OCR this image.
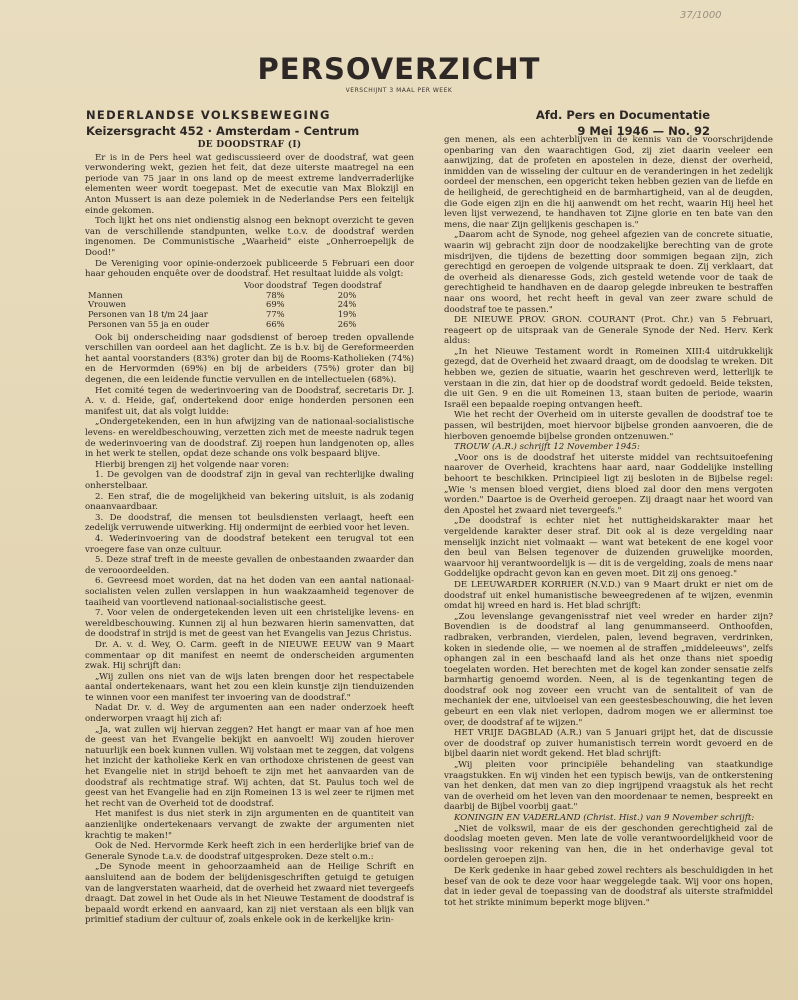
37/1000
PERSOVERZICHT
VERSCHIJNT 3 MAAL PER WEEK
NEDERLANDSE VOLKSBEWEGING
Keizersgracht 452 · Amsterdam - Centrum
Afd. Pers en Documentatie
9 Mei 1946 — No. 92
DE DOODSTRAF (I)

Er is in de Pers heel wat gediscussieerd over de doodstraf, wat geen verwondering wekt, gezien het feit, dat deze uiterste maatregel na een periode van 75 jaar in ons land op de meest extreme landverraderlijke elementen weer wordt toegepast. Met de executie van Max Blokzijl en Anton Mussert is aan deze polemiek in de Nederlandse Pers een feitelijk einde gekomen.

Toch lijkt het ons niet ondienstig alsnog een beknopt overzicht te geven van de verschillende standpunten, welke t.o.v. de doodstraf werden ingenomen. De Communistische „Waarheid" eiste „Onherroepelijk de Dood!"

De Vereniging voor opinie-onderzoek publiceerde 5 Februari een door haar gehouden enquête over de doodstraf. Het resultaat luidde als volgt:

	Voor doodstraf	Tegen doodstraf
Mannen	78%	20%
Vrouwen	69%	24%
Personen van 18 t/m 24 jaar	77%	19%
Personen van 55 ja en ouder	66%	26%

Ook bij onderscheiding naar godsdienst of beroep treden opvallende verschillen van oordeel aan het daglicht. Ze is b.v. bij de Gereformeerden het aantal voorstanders (83%) groter dan bij de Rooms-Katholieken (74%) en de Hervormden (69%) en bij de arbeiders (75%) groter dan bij degenen, die een leidende functie vervullen en de intellectuelen (68%).

Het comité tegen de wederinvoering van de Doodstraf, secretaris Dr. J. A. v. d. Heide, gaf, ondertekend door enige honderden personen een manifest uit, dat als volgt luidde:

„Ondergetekenden, een in hun afwijzing van de nationaal-socialistische levens- en wereldbeschouwing, verzetten zich met de meeste nadruk tegen de wederinvoering van de doodstraf. Zij roepen hun landgenoten op, alles in het werk te stellen, opdat deze schande ons volk bespaard blijve.

Hierbij brengen zij het volgende naar voren:

1. De gevolgen van de doodstraf zijn in geval van rechterlijke dwaling onherstelbaar.

2. Een straf, die de mogelijkheid van bekering uitsluit, is als zodanig onaanvaardbaar.

3. De doodstraf, die mensen tot beulsdiensten verlaagt, heeft een zedelijk verruwende uitwerking. Hij ondermijnt de eerbied voor het leven.

4. Wederinvoering van de doodstraf betekent een terugval tot een vroegere fase van onze cultuur.

5. Deze straf treft in de meeste gevallen de onbestaanden zwaarder dan de verooordeelden.

6. Gevreesd moet worden, dat na het doden van een aantal nationaal-socialisten velen zullen verslappen in hun waakzaamheid tegenover de taaiheid van voortlevend nationaal-socialistische geest.

7. Voor velen de ondergetekenden leven uit een christelijke levens- en wereldbeschouwing. Kunnen zij al hun bezwaren hierin samenvatten, dat de doodstraf in strijd is met de geest van het Evangelis van Jezus Christus.

Dr. A. v. d. Wey, O. Carm. geeft in de NIEUWE EEUW van 9 Maart commentaar op dit manifest en neemt de onderscheiden argumenten zwak. Hij schrijft dan:

„Wij zullen ons niet van de wijs laten brengen door het respectabele aantal ondertekenaars, want het zou een klein kunstje zijn tienduizenden te winnen voor een manifest ter invoering van de doodstraf."

Nadat Dr. v. d. Wey de argumenten aan een nader onderzoek heeft onderworpen vraagt hij zich af:

„Ja, wat zullen wij hiervan zeggen? Het hangt er maar van af hoe men de geest van het Evangelie bekijkt en aanvoelt! Wij zouden hierover natuurlijk een boek kunnen vullen. Wij volstaan met te zeggen, dat volgens het inzicht der katholieke Kerk en van orthodoxe christenen de geest van het Evangelie niet in strijd behoeft te zijn met het aanvaarden van de doodstraf als rechtmatige straf. Wij achten, dat St. Paulus toch wel de geest van het Evangelie had en zijn Romeinen 13 is wel zeer te rijmen met het recht van de Overheid tot de doodstraf.

Het manifest is dus niet sterk in zijn argumenten en de quantiteit van aanzienlijke ondertekenaars vervangt de zwakte der argumenten niet krachtig te maken!"

Ook de Ned. Hervormde Kerk heeft zich in een herderlijke brief van de Generale Synode t.a.v. de doodstraf uitgesproken. Deze stelt o.m.:

„De Synode meent in gehoorzaamheid aan de Heilige Schrift en aansluitend aan de bodem der belijdenisgeschriften getuigd te getuigen van de langverstaten waarheid, dat de overheid het zwaard niet tevergeefs draagt. Dat zowel in het Oude als in het Nieuwe Testament de doodstraf is bepaald wordt erkend en aanvaard, kan zij niet verstaan als een blijk van primitief stadium der cultuur of, zoals enkele ook in de kerkelijke krin-

gen menen, als een achterblijven in de kennis van de voorschrijdende openbaring van den waarachtigen God, zij ziet daarin veeleer een aanwijzing, dat de profeten en apostelen in deze, dienst der overheid, inmidden van de wisseling der cultuur en de veranderingen in het zedelijk oordeel der menschen, een opgericht teken hebben gezien van de liefde en de heiligheid, de gerechtigheid en de barmhartigheid, van al de deugden, die Gode eigen zijn en die hij aanwendt om het recht, waarin Hij heel het leven lijst verwezend, te handhaven tot Zijne glorie en ten bate van den mens, die naar Zijn gelijkenis geschapen is."

„Daarom acht de Synode, nog geheel afgezien van de concrete situatie, waarin wij gebracht zijn door de noodzakelijke berechting van de grote misdrijven, die tijdens de bezetting door sommigen begaan zijn, zich gerechtigd en geroepen de volgende uitspraak te doen. Zij verklaart, dat de overheid als dienaresse Gods, zich gesteld wetende voor de taak de gerechtigheid te handhaven en de daarop gelegde inbreuken te bestraffen naar ons woord, het recht heeft in geval van zeer zware schuld de doodstraf toe te passen."

DE NIEUWE PROV. GRON. COURANT (Prot. Chr.) van 5 Februari, reageert op de uitspraak van de Generale Synode der Ned. Herv. Kerk aldus:

„In het Nieuwe Testament wordt in Romeinen XIII:4 uitdrukkelijk gezegd, dat de Overheid het zwaard draagt, om de doodslag te wreken. Dit hebben we, gezien de situatie, waarin het geschreven werd, letterlijk te verstaan in die zin, dat hier op de doodstraf wordt gedoeld. Beide teksten, die uit Gen. 9 en die uit Romeinen 13, staan buiten de periode, waarin Israël een bepaalde roeping ontvangen heeft.

Wie het recht der Overheid om in uiterste gevallen de doodstraf toe te passen, wil bestrijden, moet hiervoor bijbelse gronden aanvoeren, die de hierboven genoemde bijbelse gronden ontzenuwen."

TROUW (A.R.) schrijft 12 November 1945:

„Voor ons is de doodstraf het uiterste middel van rechtsuitoefening naarover de Overheid, krachtens haar aard, naar Goddelijke instelling behoort te beschikken. Principieel ligt zij besloten in de Bijbelse regel: „Wie 's mensen bloed vergiet, diens bloed zal door den mens vergoten worden." Daartoe is de Overheid geroepen. Zij draagt naar het woord van den Apostel het zwaard niet tevergeefs."

„De doodstraf is echter niet het nuttigheidskarakter maar het vergeldende karakter deser straf. Dit ook al is deze vergelding naar menselijk inzicht niet volmaakt — want wat betekent de ene kogel voor den beul van Belsen tegenover de duizenden gruwelijke moorden, waarvoor hij verantwoordelijk is — dit is de vergelding, zoals de mens naar Goddelijke opdracht gevon kan en geven moet. Dit zij ons genoeg."

DE LEEUWARDER KORRIER (N.V.D.) van 9 Maart drukt er niet om de doodstraf uit enkel humanistische beweegredenen af te wijzen, evenmin omdat hij wreed en hard is. Het blad schrijft:

„Zou levenslange gevangenisstraf niet veel wreder en harder zijn? Bovendien is de doodstraf al lang genummanseerd. Onthoofden, radbraken, verbranden, vierdelen, palen, levend begraven, verdrinken, koken in siedende olie, — we noemen al de straffen „middeleeuws", zelfs ophangen zal in een beschaafd land als het onze thans niet spoedig toegelaten worden. Het berechten met de kogel kan zonder sensatie zelfs barmhartig genoemd worden. Neen, al is de tegenkanting tegen de doodstraf ook nog zoveer een vrucht van de sentaliteit of van de mechaniek der ene, uitvloeisel van een geestesbeschouwing, die het leven gebeurt en een vlak niet verlopen, dadrom mogen we er allerminst toe over, de doodstraf af te wijzen."

HET VRIJE DAGBLAD (A.R.) van 5 Januari grijpt het, dat de discussie over de doodstraf op zuiver humanistisch terrein wordt gevoerd en de bijbel daarin niet wordt gekend. Het blad schrijft:

„Wij pleiten voor principiële behandeling van staatkundige vraagstukken. En wij vinden het een typisch bewijs, van de ontkerstening van het denken, dat men van zo diep ingrijpend vraagstuk als het recht van de overheid om het leven van den moordenaar te nemen, bespreekt en daarbij de Bijbel voorbij gaat."

KONINGIN EN VADERLAND (Christ. Hist.) van 9 November schrijft:

„Niet de volkswil, maar de eis der geschonden gerechtigheid zal de doodslag moeten geven. Men late de volle verantwoordelijkheid voor de beslissing voor rekening van hen, die in het onderhavige geval tot oordelen geroepen zijn.

De Kerk gedenke in haar gebed zowel rechters als beschuldigden in het besef van de ook te deze voor haar weggelegde taak. Wij voor ons hopen, dat in ieder geval de toepassing van de doodstraf als uiterste strafmiddel tot het strikte minimum beperkt moge blijven."
